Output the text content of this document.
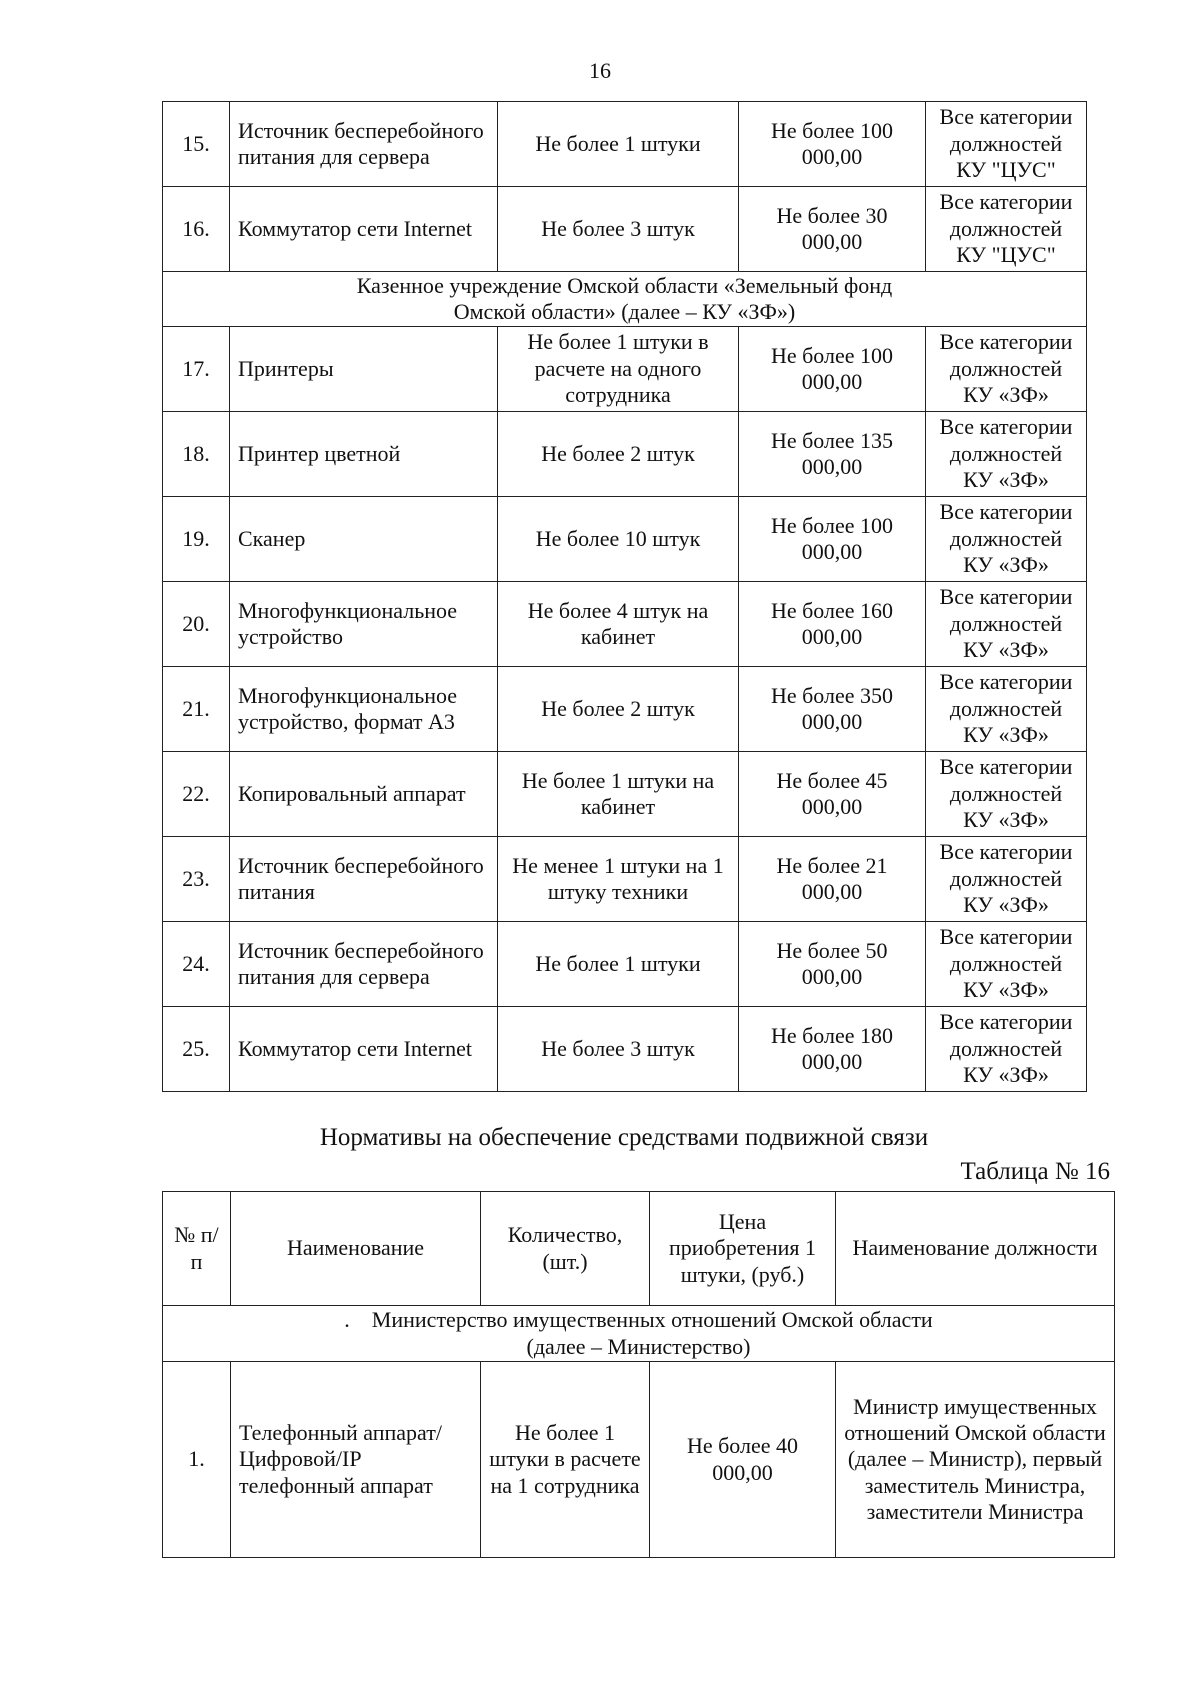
16
15.	Источник бесперебойного питания для сервера	Не более 1 штуки	Не более 100 000,00	Все категории должностей КУ "ЦУС"
16.	Коммутатор сети Internet	Не более 3 штук	Не более 30 000,00	Все категории должностей КУ "ЦУС"
Казенное учреждение Омской области «Земельный фонд Омской области» (далее – КУ «ЗФ»)				
17.	Принтеры	Не более 1 штуки в расчете на одного сотрудника	Не более 100 000,00	Все категории должностей КУ «ЗФ»
18.	Принтер цветной	Не более 2 штук	Не более 135 000,00	Все категории должностей КУ «ЗФ»
19.	Сканер	Не более 10 штук	Не более 100 000,00	Все категории должностей КУ «ЗФ»
20.	Многофункциональное устройство	Не более 4 штук на кабинет	Не более 160 000,00	Все категории должностей КУ «ЗФ»
21.	Многофункциональное устройство, формат А3	Не более 2 штук	Не более 350 000,00	Все категории должностей КУ «ЗФ»
22.	Копировальный аппарат	Не более 1 штуки на кабинет	Не более 45 000,00	Все категории должностей КУ «ЗФ»
23.	Источник бесперебойного питания	Не менее 1 штуки на 1 штуку техники	Не более 21 000,00	Все категории должностей КУ «ЗФ»
24.	Источник бесперебойного питания для сервера	Не более 1 штуки	Не более 50 000,00	Все категории должностей КУ «ЗФ»
25.	Коммутатор сети Internet	Не более 3 штук	Не более 180 000,00	Все категории должностей КУ «ЗФ»
Нормативы на обеспечение средствами подвижной связи
Таблица № 16
№ п/п	Наименование	Количество, (шт.)	Цена приобретения 1 штуки, (руб.)	Наименование должности
. Министерство имущественных отношений Омской области (далее – Министерство)				
1.	Телефонный аппарат/Цифровой/IP телефонный аппарат	Не более 1 штуки в расчете на 1 сотрудника	Не более 40 000,00	Министр имущественных отношений Омской области (далее – Министр), первый заместитель Министра, заместители Министра
